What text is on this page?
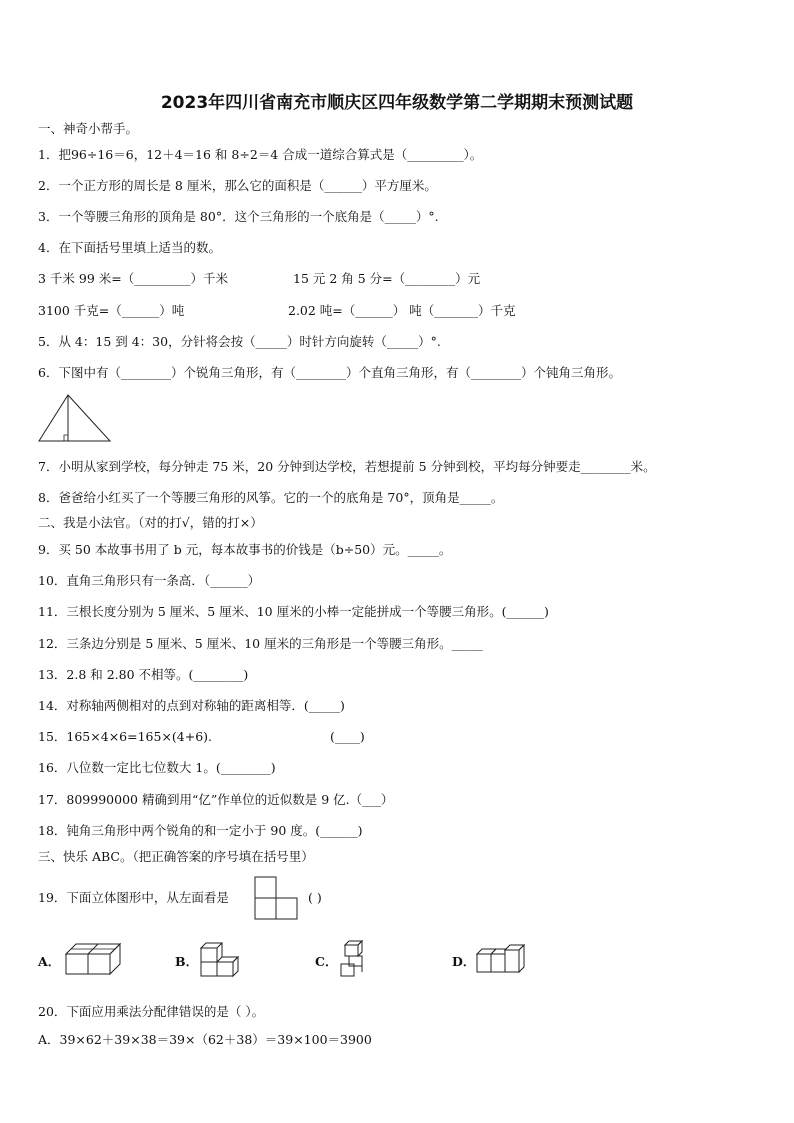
2023年四川省南充市顺庆区四年级数学第二学期期末预测试题
一、神奇小帮手。
1．把96÷16＝6，12＋4＝16 和 8÷2＝4 合成一道综合算式是（_________）。
2．一个正方形的周长是 8 厘米，那么它的面积是（______）平方厘米。
3．一个等腰三角形的顶角是 80°．这个三角形的一个底角是（_____）°.
4．在下面括号里填上适当的数。
3 千米 99 米=（_________）千米	15 元 2 角 5 分=（________）元
3100 千克=（______）吨	2.02 吨=（______） 吨（_______）千克
5．从 4：15 到 4：30，分针将会按（_____）时针方向旋转（_____）°.
6．下图中有（________）个锐角三角形，有（________）个直角三角形，有（________）个钝角三角形。
7．小明从家到学校，每分钟走 75 米，20 分钟到达学校，若想提前 5 分钟到校，平均每分钟要走________米。
8．爸爸给小红买了一个等腰三角形的风筝。它的一个的底角是 70°，顶角是_____。
二、我是小法官。（对的打√，错的打×）
9．买 50 本故事书用了 b 元，每本故事书的价钱是（b÷50）元。_____。
10．直角三角形只有一条高．（______）
11．三根长度分别为 5 厘米、5 厘米、10 厘米的小棒一定能拼成一个等腰三角形。(______)
12．三条边分别是 5 厘米、5 厘米、10 厘米的三角形是一个等腰三角形。_____
13．2.8 和 2.80 不相等。(________)
14．对称轴两侧相对的点到对称轴的距离相等．(_____)
15．165×4×6=165×(4+6).	(____)
16．八位数一定比七位数大 1。(________)
17．809990000 精确到用“亿”作单位的近似数是 9 亿.（___）
18．钝角三角形中两个锐角的和一定小于 90 度。(______)
三、快乐 ABC。（把正确答案的序号填在括号里）
19．下面立体图形中，从左面看是	( )
A．	B．	C．	D．
20．下面应用乘法分配律错误的是（ ）。
A．39×62＋39×38＝39×（62＋38）＝39×100＝3900
